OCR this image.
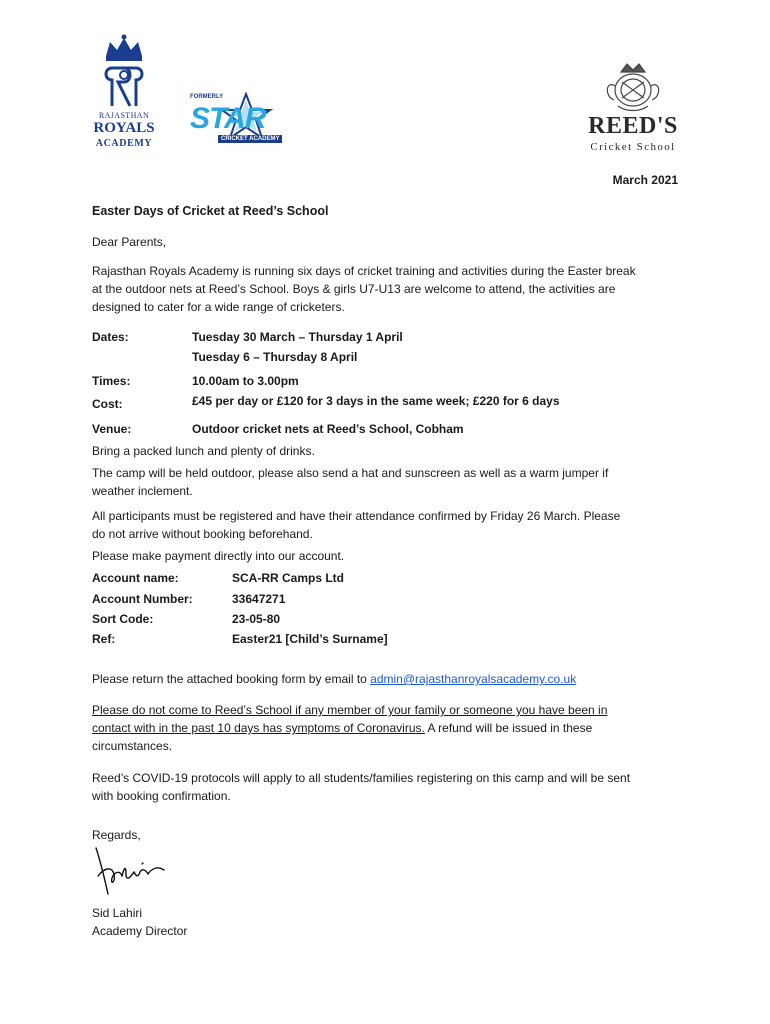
RAJASTHAN
ROYALS
ACADEMY
FORMERLY
STAR
CRICKET ACADEMY	REED'S
Cricket School
March 2021
Easter Days of Cricket at Reed’s School
Dear Parents,

Rajasthan Royals Academy is running six days of cricket training and activities during the Easter break

at the outdoor nets at Reed’s School. Boys & girls U7-U13 are welcome to attend, the activities are

designed to cater for a wide range of cricketers.

Dates:	Tuesday 30 March – Thursday 1 April
Tuesday 6 – Thursday 8 April
Times:	10.00am to 3.00pm
Cost:	£45 per day or £120 for 3 days in the same week; £220 for 6 days
Venue:	Outdoor cricket nets at Reed’s School, Cobham
Bring a packed lunch and plenty of drinks.

The camp will be held outdoor, please also send a hat and sunscreen as well as a warm jumper if

weather inclement.

All participants must be registered and have their attendance confirmed by Friday 26 March. Please

do not arrive without booking beforehand.

Please make payment directly into our account.
Account name:	SCA-RR Camps Ltd
Account Number:	33647271
Sort Code:	23-05-80
Ref:	Easter21 [Child’s Surname]
Please return the attached booking form by email to admin@rajasthanroyalsacademy.co.uk

Please do not come to Reed’s School if any member of your family or someone you have been in

contact with in the past 10 days has symptoms of Coronavirus. A refund will be issued in these

circumstances.

Reed’s COVID-19 protocols will apply to all students/families registering on this camp and will be sent

with booking confirmation.

Regards,
Sid Lahiri
Academy Director
